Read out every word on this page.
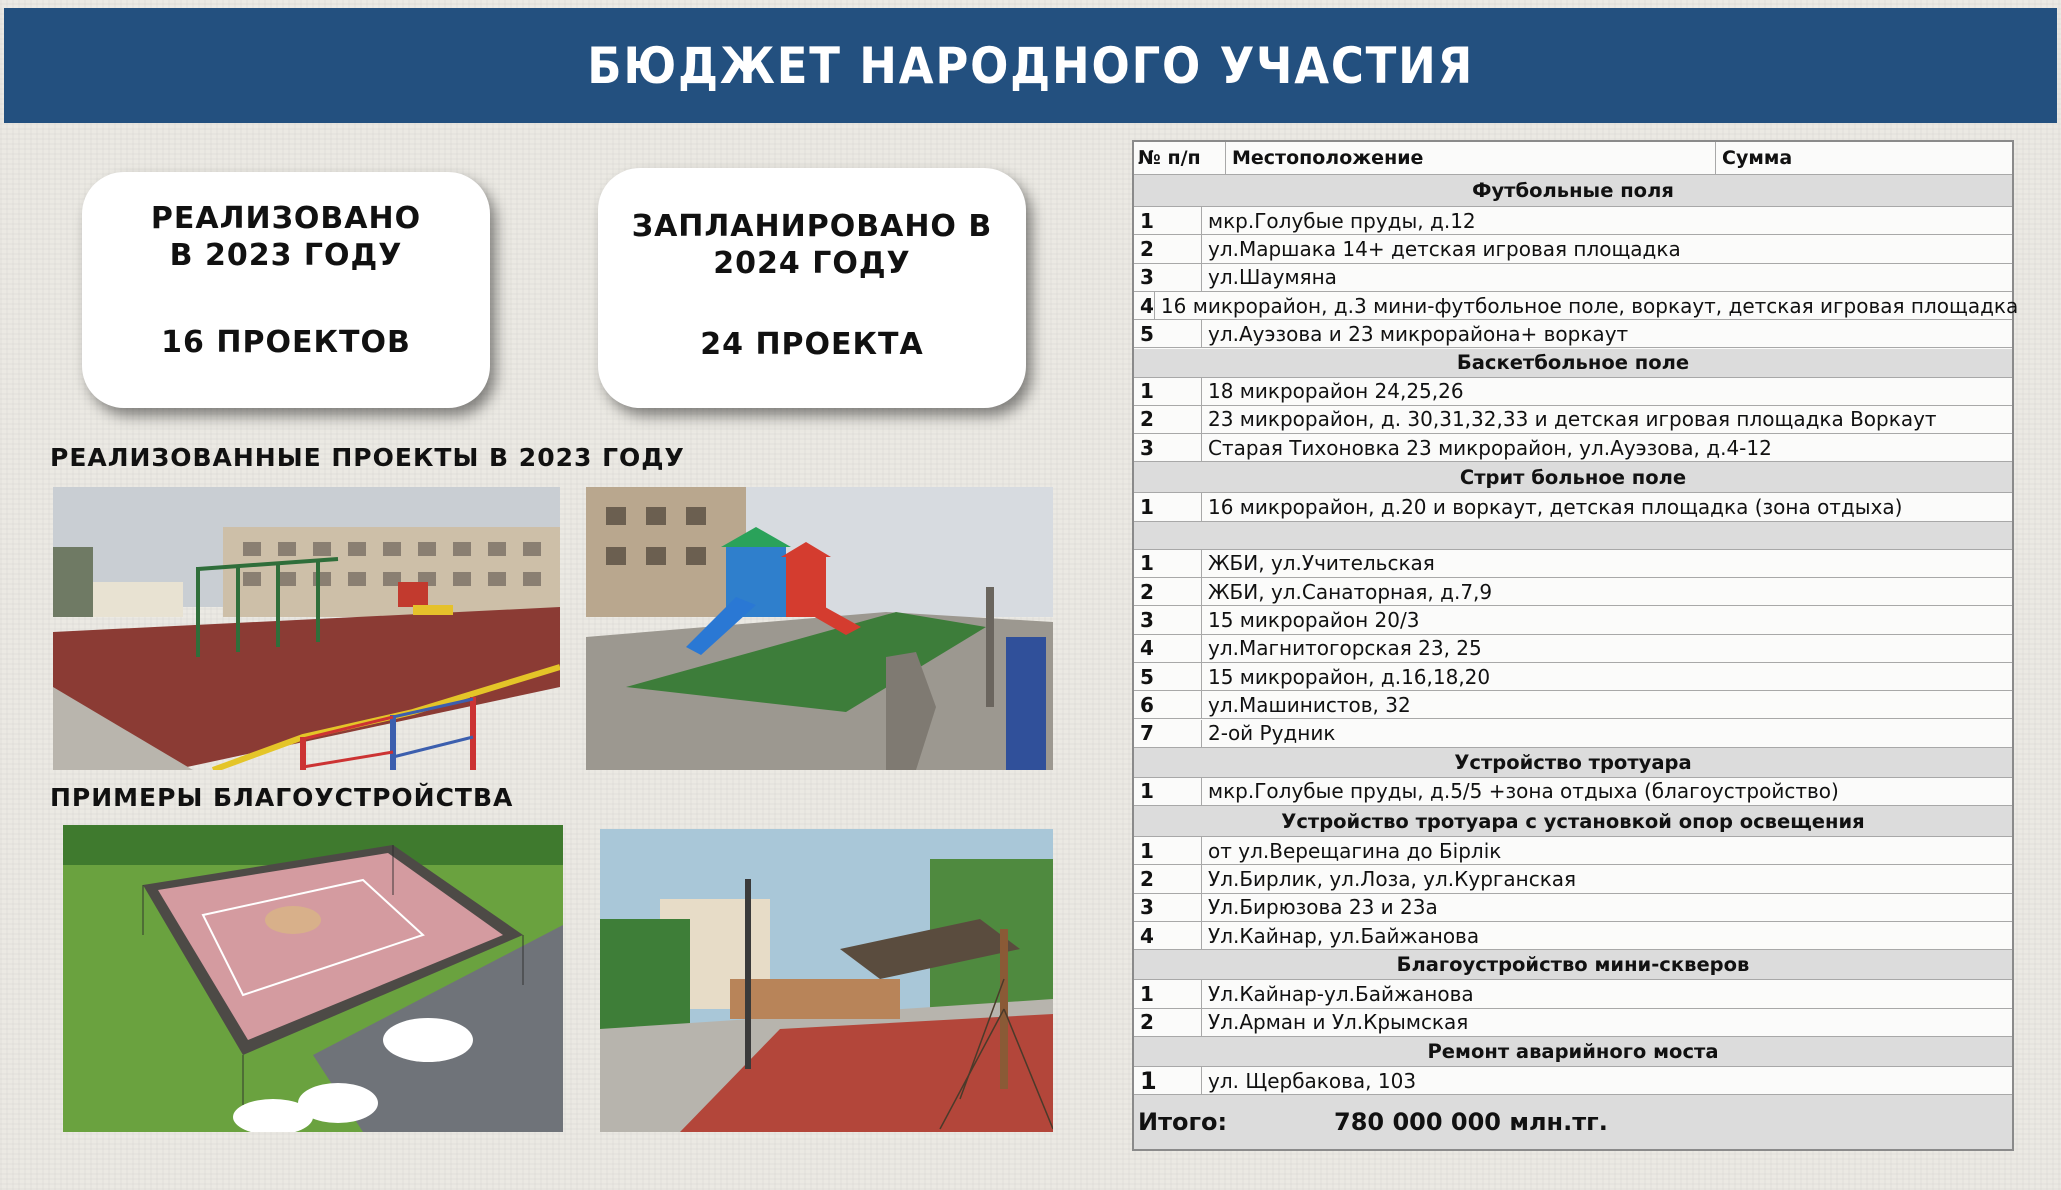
БЮДЖЕТ НАРОДНОГО УЧАСТИЯ
РЕАЛИЗОВАНО
В 2023 ГОДУ
16 ПРОЕКТОВ
ЗАПЛАНИРОВАНО В
2024 ГОДУ
24 ПРОЕКТА
РЕАЛИЗОВАННЫЕ ПРОЕКТЫ В 2023 ГОДУ
ПРИМЕРЫ БЛАГОУСТРОЙСТВА
№ п/п	Местоположение	Сумма
Футбольные поля
1	мкр.Голубые пруды, д.12
2	ул.Маршака 14+ детская игровая площадка
3	ул.Шаумяна
4 16 микрорайон, д.3 мини-футбольное поле, воркаут, детская игровая площадка
5	ул.Ауэзова и 23 микрорайона+ воркаут
Баскетбольное поле
1	18 микрорайон 24,25,26
2	23 микрорайон, д. 30,31,32,33 и детская игровая площадка Воркаут
3	Старая Тихоновка 23 микрорайон, ул.Ауэзова, д.4-12
Стрит больное поле
1	16 микрорайон, д.20 и воркаут, детская площадка (зона отдыха)
1	ЖБИ, ул.Учительская
2	ЖБИ, ул.Санаторная, д.7,9
3	15 микрорайон 20/3
4	ул.Магнитогорская 23, 25
5	15 микрорайон, д.16,18,20
6	ул.Машинистов, 32
7	2-ой Рудник
Устройство тротуара
1	мкр.Голубые пруды, д.5/5 +зона отдыха (благоустройство)
Устройство тротуара с установкой опор освещения
1	от ул.Верещагина до Бірлік
2	Ул.Бирлик, ул.Лоза, ул.Курганская
3	Ул.Бирюзова 23 и 23а
4	Ул.Кайнар, ул.Байжанова
Благоустройство мини-скверов
1	Ул.Кайнар-ул.Байжанова
2	Ул.Арман и Ул.Крымская
Ремонт аварийного моста
1	ул. Щербакова, 103
Итого:	780 000 000 млн.тг.
